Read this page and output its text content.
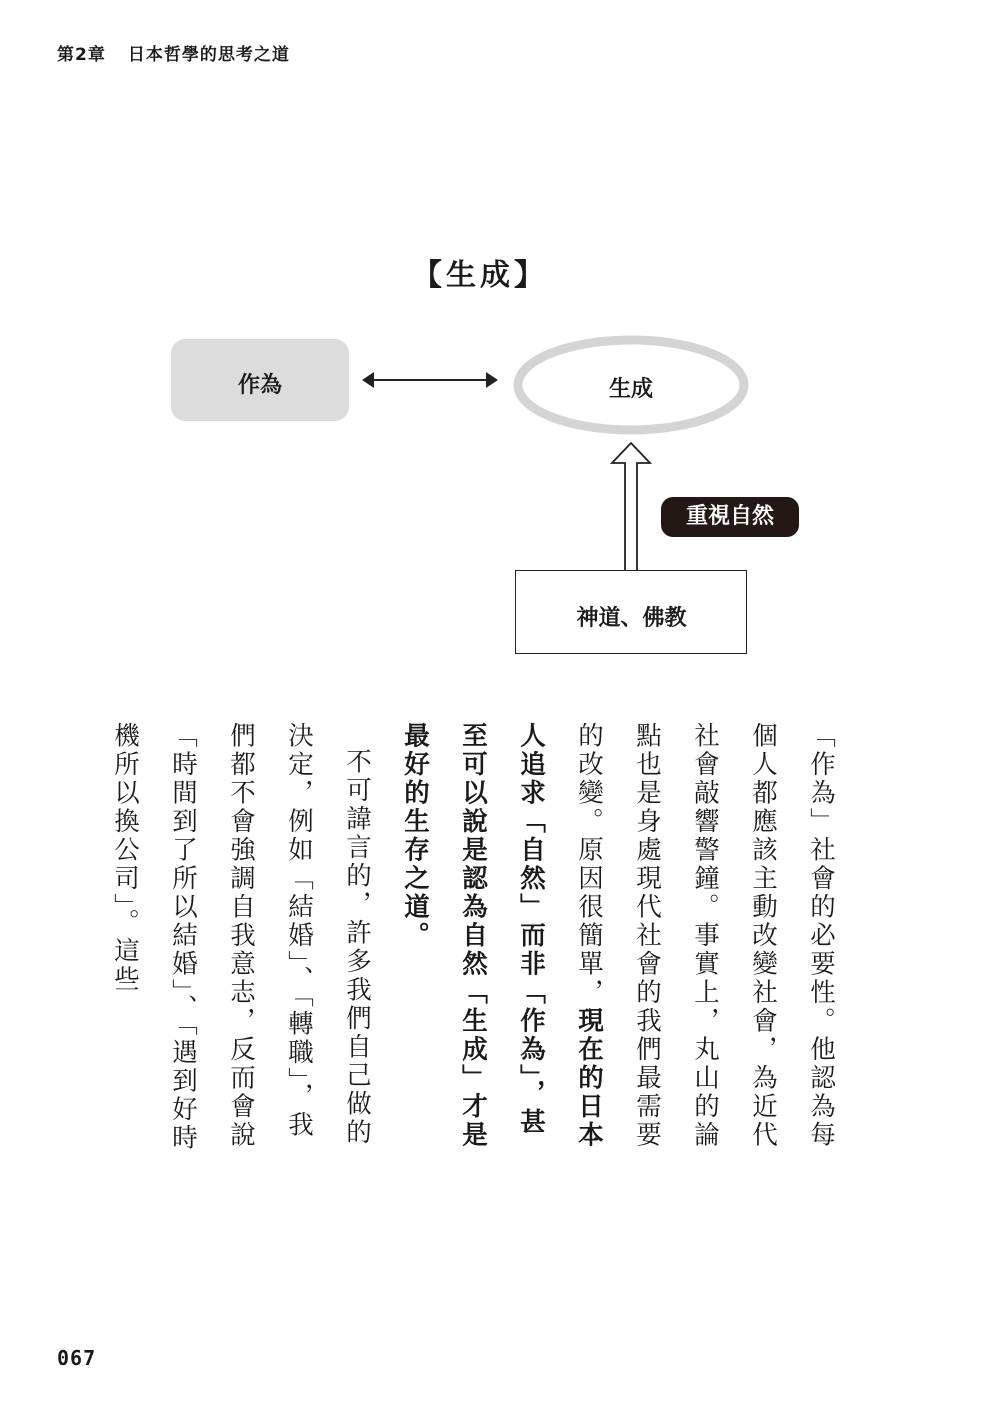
第2章 日本哲學的思考之道
【生成】
作為	生成
重視自然
神道、佛教

「作為」社會的必要性。他認為每個人都應該主動改變社會，為近代社會敲響警鐘。事實上，丸山的論點也是身處現代社會的我們最需要的改變。原因很簡單，現在的日本人追求「自然」而非「作為」，甚至可以說是認為自然「生成」才是最好的生存之道。

不可諱言的，許多我們自己做的決定，例如「結婚」、「轉職」，我們都不會強調自我意志，反而會說「時間到了所以結婚」、「遇到好時機所以換公司」。這些

067
